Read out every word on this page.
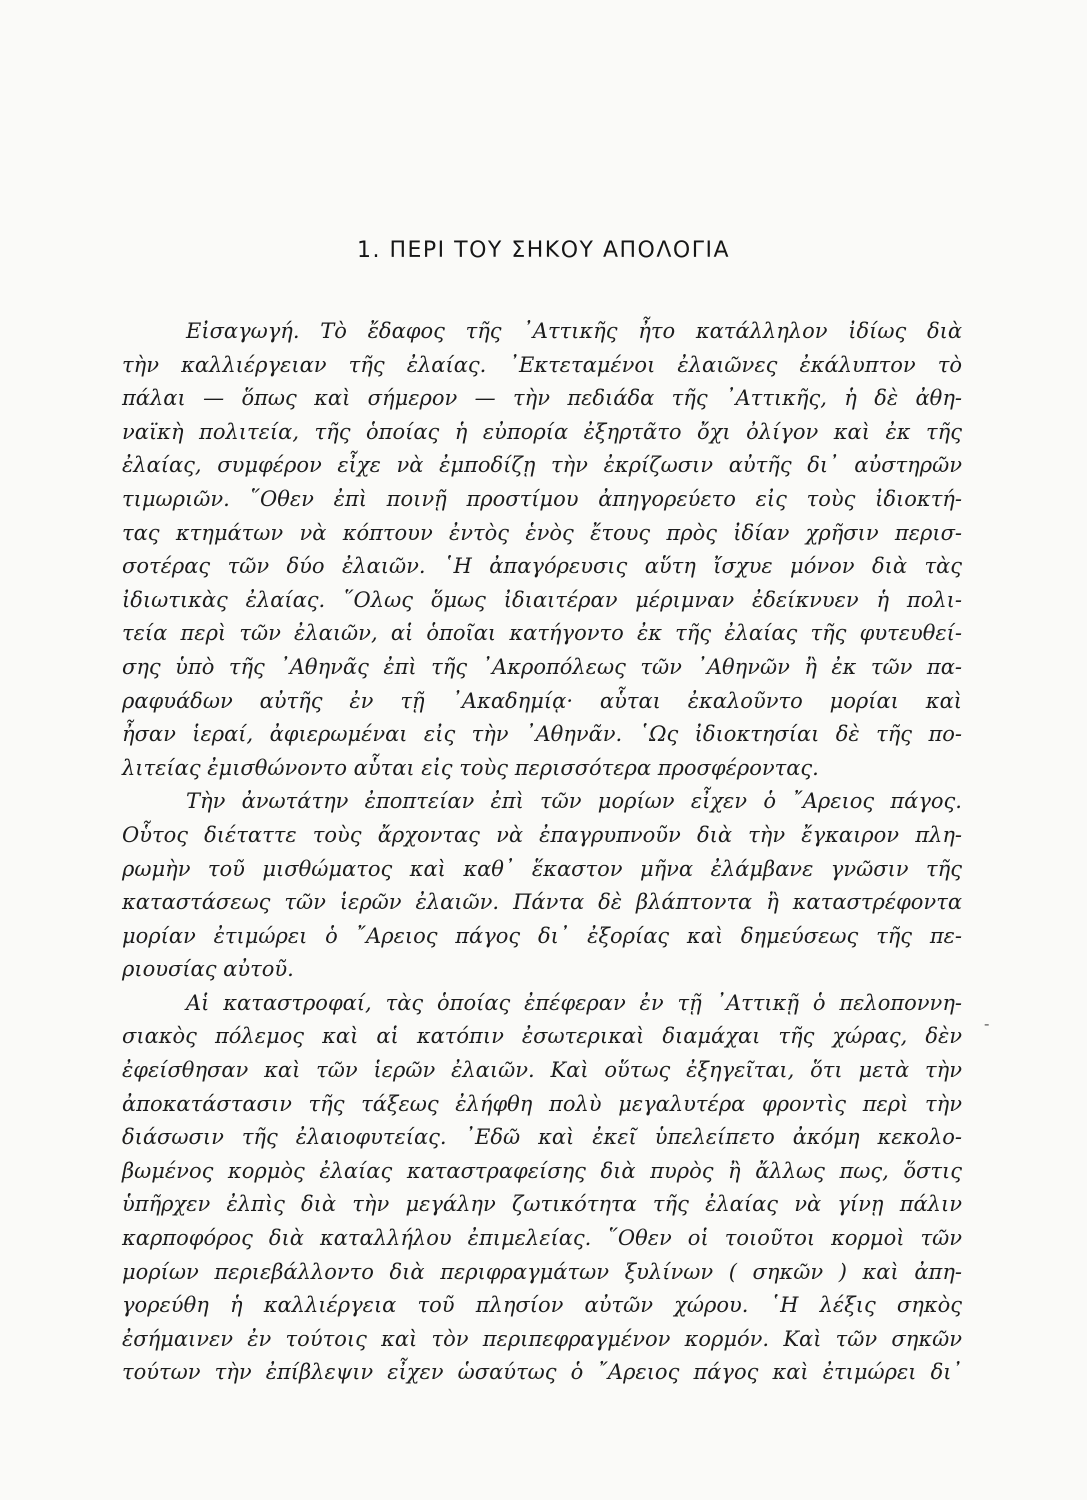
1. ΠΕΡΙ ΤΟΥ ΣΗΚΟΥ ΑΠΟΛΟΓΙΑ
Εἰσαγωγή. Τὸ ἔδαφος τῆς ᾿Αττικῆς ἦτο κατάλληλον ἰδίως διὰ
τὴν καλλιέργειαν τῆς ἐλαίας. ᾿Εκτεταμένοι ἐλαιῶνες ἐκάλυπτον τὸ
πάλαι — ὅπως καὶ σήμερον — τὴν πεδιάδα τῆς ᾿Αττικῆς, ἡ δὲ ἀθη-
ναϊκὴ πολιτεία, τῆς ὁποίας ἡ εὐπορία ἐξηρτᾶτο ὄχι ὀλίγον καὶ ἐκ τῆς
ἐλαίας, συμφέρον εἶχε νὰ ἐμποδίζῃ τὴν ἐκρίζωσιν αὐτῆς δι᾿ αὐστηρῶν
τιμωριῶν. ῞Οθεν ἐπὶ ποινῇ προστίμου ἀπηγορεύετο εἰς τοὺς ἰδιοκτή-
τας κτημάτων νὰ κόπτουν ἐντὸς ἑνὸς ἔτους πρὸς ἰδίαν χρῆσιν περισ-
σοτέρας τῶν δύο ἐλαιῶν. ῾Η ἀπαγόρευσις αὕτη ἴσχυε μόνον διὰ τὰς
ἰδιωτικὰς ἐλαίας. ῞Ολως ὅμως ἰδιαιτέραν μέριμναν ἐδείκνυεν ἡ πολι-
τεία περὶ τῶν ἐλαιῶν, αἱ ὁποῖαι κατήγοντο ἐκ τῆς ἐλαίας τῆς φυτευθεί-
σης ὑπὸ τῆς ᾿Αθηνᾶς ἐπὶ τῆς ᾿Ακροπόλεως τῶν ᾿Αθηνῶν ἢ ἐκ τῶν πα-
ραφυάδων αὐτῆς ἐν τῇ ᾿Ακαδημίᾳ· αὗται ἐκαλοῦντο μορίαι καὶ
ἦσαν ἱεραί, ἀφιερωμέναι εἰς τὴν ᾿Αθηνᾶν. ῾Ως ἰδιοκτησίαι δὲ τῆς πο-
λιτείας ἐμισθώνοντο αὗται εἰς τοὺς περισσότερα προσφέροντας.
Τὴν ἀνωτάτην ἐποπτείαν ἐπὶ τῶν μορίων εἶχεν ὁ ῎Αρειος πάγος.
Οὗτος διέταττε τοὺς ἄρχοντας νὰ ἐπαγρυπνοῦν διὰ τὴν ἔγκαιρον πλη-
ρωμὴν τοῦ μισθώματος καὶ καθ᾿ ἕκαστον μῆνα ἐλάμβανε γνῶσιν τῆς
καταστάσεως τῶν ἱερῶν ἐλαιῶν. Πάντα δὲ βλάπτοντα ἢ καταστρέφοντα
μορίαν ἐτιμώρει ὁ ῎Αρειος πάγος δι᾿ ἐξορίας καὶ δημεύσεως τῆς πε-
ριουσίας αὐτοῦ.
Αἱ καταστροφαί, τὰς ὁποίας ἐπέφεραν ἐν τῇ ᾿Αττικῇ ὁ πελοποννη-
σιακὸς πόλεμος καὶ αἱ κατόπιν ἐσωτερικαὶ διαμάχαι τῆς χώρας, δὲν
ἐφείσθησαν καὶ τῶν ἱερῶν ἐλαιῶν. Καὶ οὕτως ἐξηγεῖται, ὅτι μετὰ τὴν
ἀποκατάστασιν τῆς τάξεως ἐλήφθη πολὺ μεγαλυτέρα φροντὶς περὶ τὴν
διάσωσιν τῆς ἐλαιοφυτείας. ᾿Εδῶ καὶ ἐκεῖ ὑπελείπετο ἀκόμη κεκολο-
βωμένος κορμὸς ἐλαίας καταστραφείσης διὰ πυρὸς ἢ ἄλλως πως, ὅστις
ὑπῆρχεν ἐλπὶς διὰ τὴν μεγάλην ζωτικότητα τῆς ἐλαίας νὰ γίνῃ πάλιν
καρποφόρος διὰ καταλλήλου ἐπιμελείας. ῞Οθεν οἱ τοιοῦτοι κορμοὶ τῶν
μορίων περιεβάλλοντο διὰ περιφραγμάτων ξυλίνων ( σηκῶν ) καὶ ἀπη-
γορεύθη ἡ καλλιέργεια τοῦ πλησίον αὐτῶν χώρου. ῾Η λέξις σηκὸς
ἐσήμαινεν ἐν τούτοις καὶ τὸν περιπεφραγμένον κορμόν. Καὶ τῶν σηκῶν
τούτων τὴν ἐπίβλεψιν εἶχεν ὡσαύτως ὁ ῎Αρειος πάγος καὶ ἐτιμώρει δι᾿
-
